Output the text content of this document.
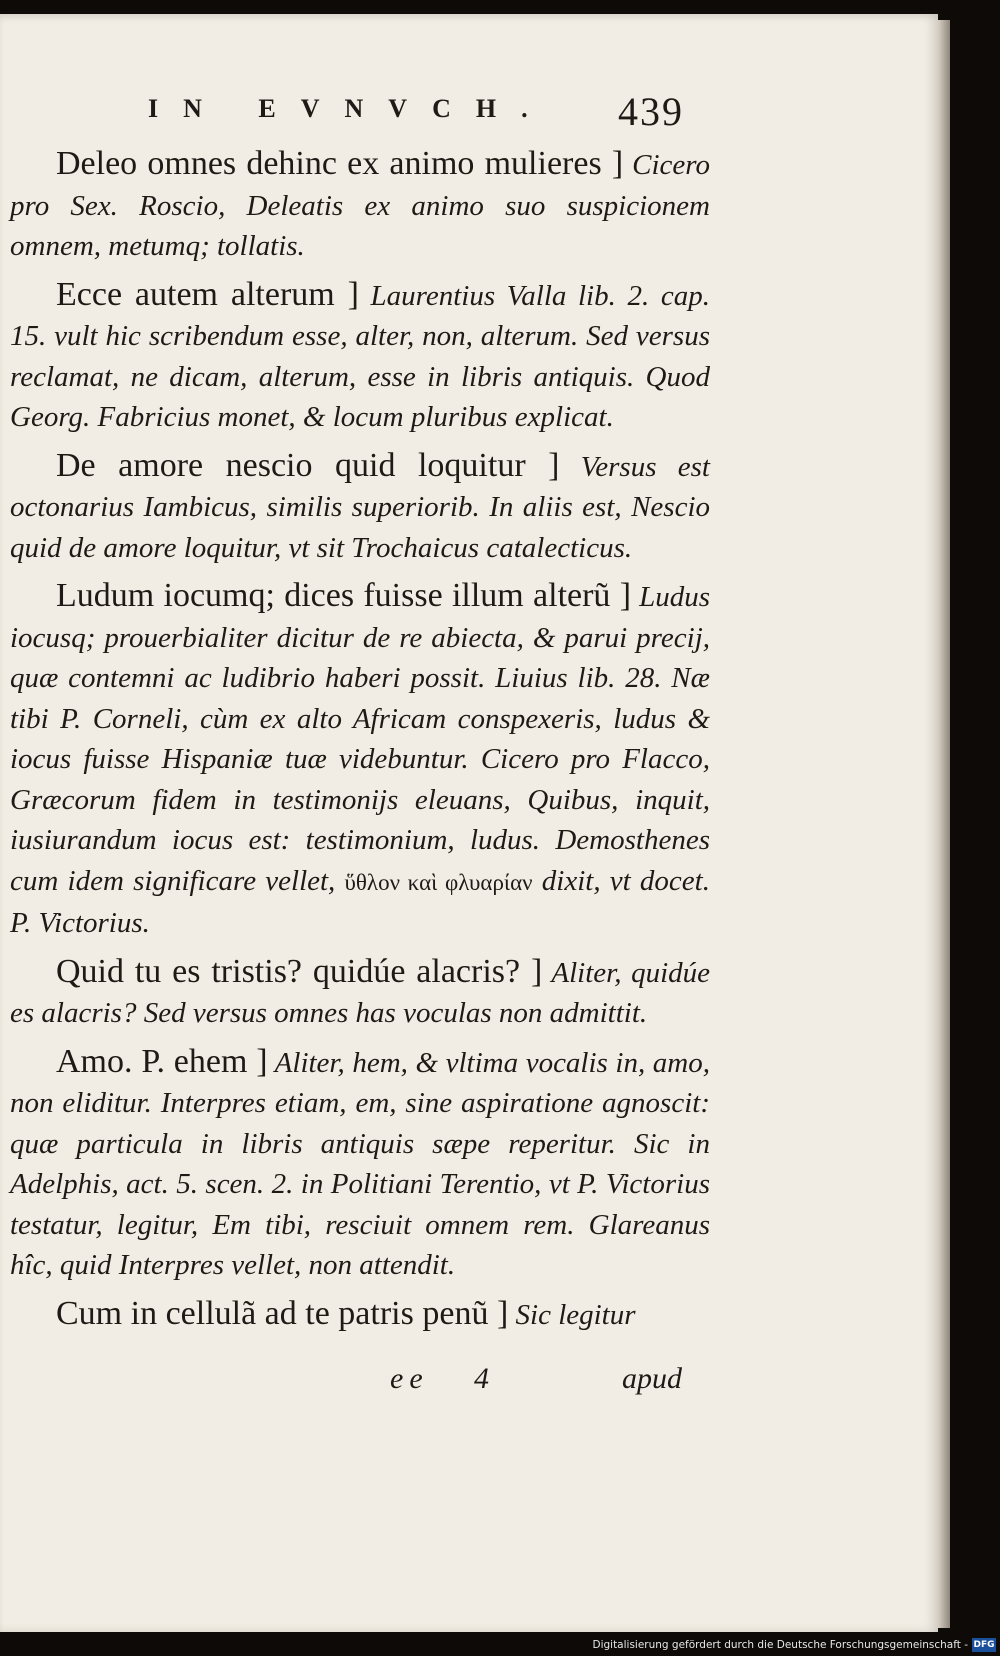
IN EVNVCH. 439

Deleo omnes dehinc ex animo mulieres ] Cicero pro Sex. Roscio, Deleatis ex animo suo suspicionem omnem, metumq; tollatis.

Ecce autem alterum ] Laurentius Valla lib. 2. cap. 15. vult hic scribendum esse, alter, non, alterum. Sed versus reclamat, ne dicam, alterum, esse in libris antiquis. Quod Georg. Fabricius monet, & locum pluribus explicat.

De amore nescio quid loquitur ] Versus est octonarius Iambicus, similis superiorib. In aliis est, Nescio quid de amore loquitur, vt sit Trochaicus catalecticus.

Ludum iocumq; dices fuisse illum alterũ ] Ludus iocusq; prouerbialiter dicitur de re abiecta, & parui precij, quæ contemni ac ludibrio haberi possit. Liuius lib. 28. Næ tibi P. Corneli, cùm ex alto Africam conspexeris, ludus & iocus fuisse Hispaniæ tuæ videbuntur. Cicero pro Flacco, Græcorum fidem in testimonijs eleuans, Quibus, inquit, iusiurandum iocus est: testimonium, ludus. Demosthenes cum idem significare vellet, ὕθλον καὶ φλυαρίαν dixit, vt docet. P. Victorius.

Quid tu es tristis? quidúe alacris? ] Aliter, quidúe es alacris? Sed versus omnes has voculas non admittit.

Amo. P. ehem ] Aliter, hem, & vltima vocalis in, amo, non eliditur. Interpres etiam, em, sine aspiratione agnoscit: quæ particula in libris antiquis sæpe reperitur. Sic in Adelphis, act. 5. scen. 2. in Politiani Terentio, vt P. Victorius testatur, legitur, Em tibi, resciuit omnem rem. Glareanus hîc, quid Interpres vellet, non attendit.

Cum in cellulã ad te patris penũ ] Sic legitur

ee 4	apud
Digitalisierung gefördert durch die Deutsche Forschungsgemeinschaft - DFG
